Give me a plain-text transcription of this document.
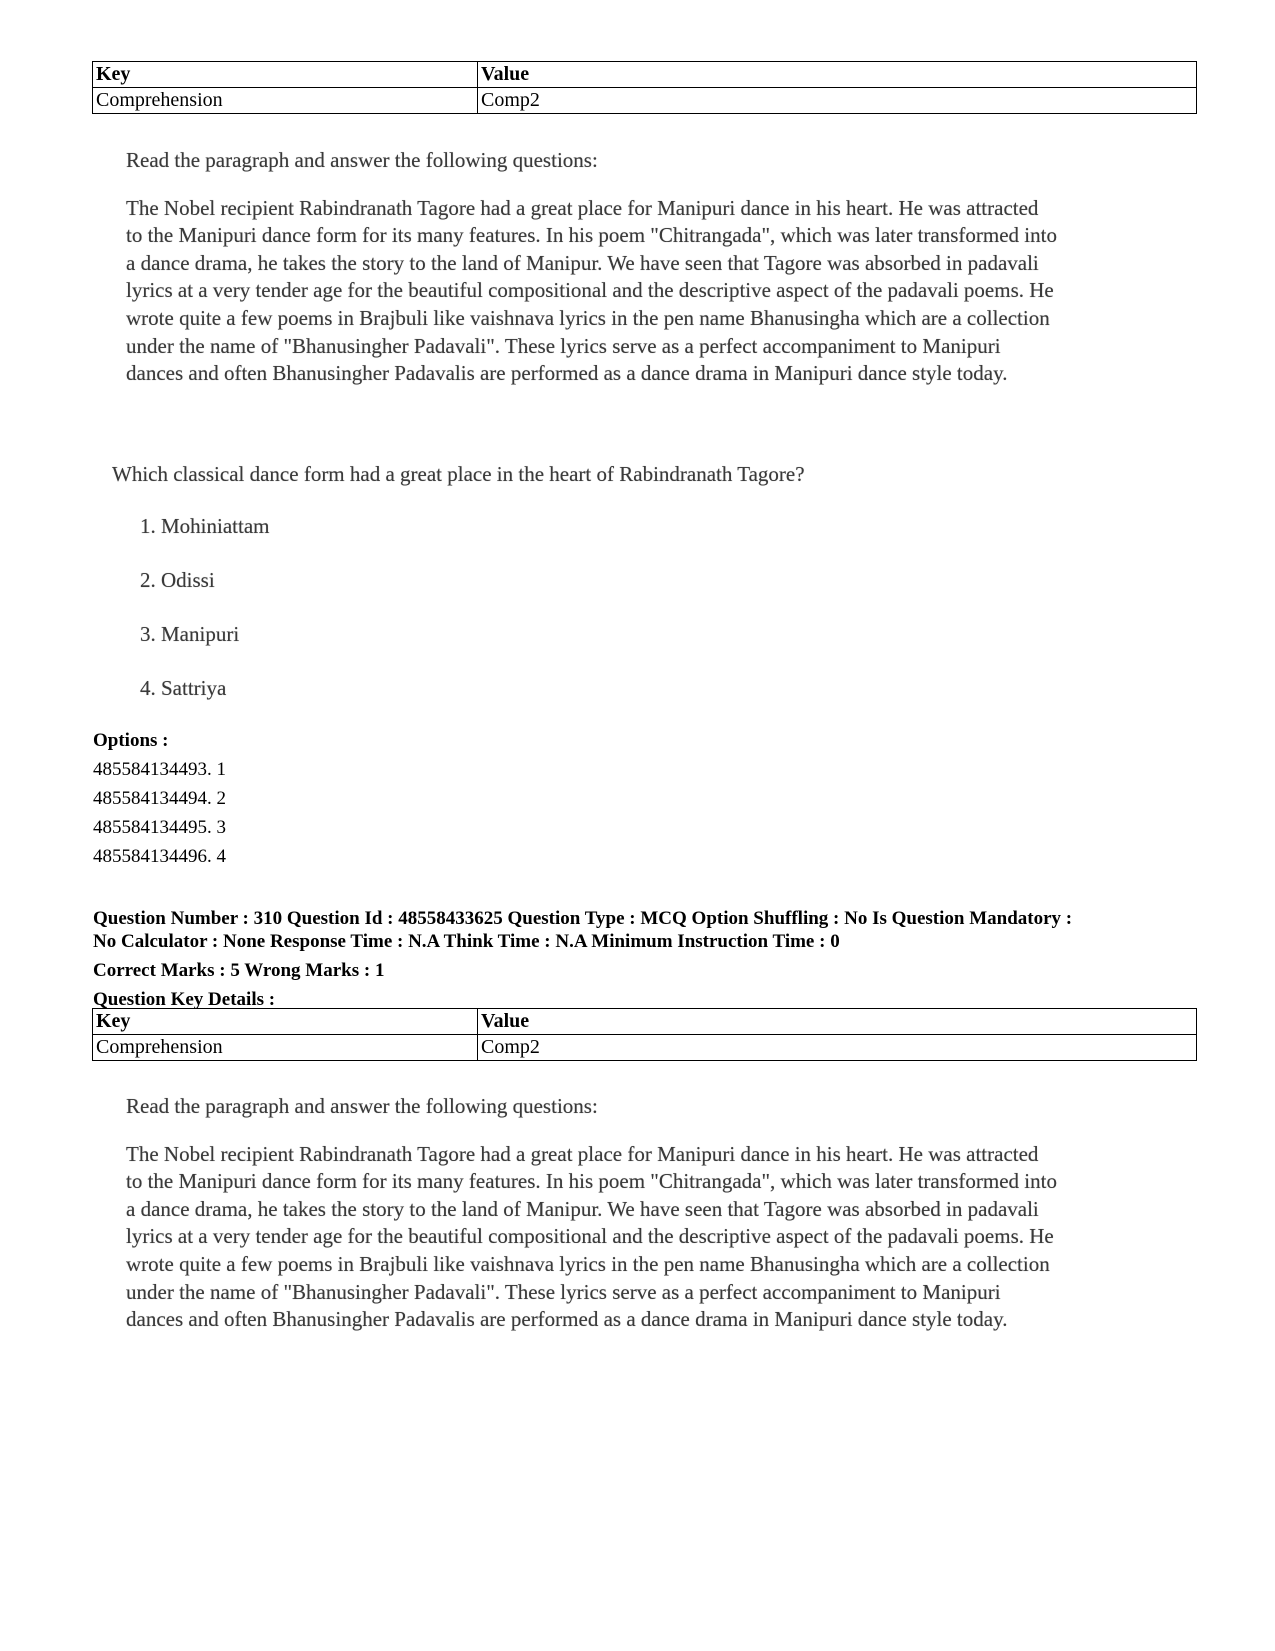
Key	Value
Comprehension	Comp2

Read the paragraph and answer the following questions:

The Nobel recipient Rabindranath Tagore had a great place for Manipuri dance in his heart. He was attracted

to the Manipuri dance form for its many features. In his poem "Chitrangada", which was later transformed into

a dance drama, he takes the story to the land of Manipur. We have seen that Tagore was absorbed in padavali

lyrics at a very tender age for the beautiful compositional and the descriptive aspect of the padavali poems. He

wrote quite a few poems in Brajbuli like vaishnava lyrics in the pen name Bhanusingha which are a collection

under the name of "Bhanusingher Padavali". These lyrics serve as a perfect accompaniment to Manipuri

dances and often Bhanusingher Padavalis are performed as a dance drama in Manipuri dance style today.

Which classical dance form had a great place in the heart of Rabindranath Tagore?
1. Mohiniattam
2. Odissi
3. Manipuri
4. Sattriya
Options :
485584134493. 1
485584134494. 2
485584134495. 3
485584134496. 4

Question Number : 310 Question Id : 48558433625 Question Type : MCQ Option Shuffling : No Is Question Mandatory :

No Calculator : None Response Time : N.A Think Time : N.A Minimum Instruction Time : 0

Correct Marks : 5 Wrong Marks : 1

Question Key Details :

Key	Value
Comprehension	Comp2

Read the paragraph and answer the following questions:

The Nobel recipient Rabindranath Tagore had a great place for Manipuri dance in his heart. He was attracted

to the Manipuri dance form for its many features. In his poem "Chitrangada", which was later transformed into

a dance drama, he takes the story to the land of Manipur. We have seen that Tagore was absorbed in padavali

lyrics at a very tender age for the beautiful compositional and the descriptive aspect of the padavali poems. He

wrote quite a few poems in Brajbuli like vaishnava lyrics in the pen name Bhanusingha which are a collection

under the name of "Bhanusingher Padavali". These lyrics serve as a perfect accompaniment to Manipuri

dances and often Bhanusingher Padavalis are performed as a dance drama in Manipuri dance style today.
